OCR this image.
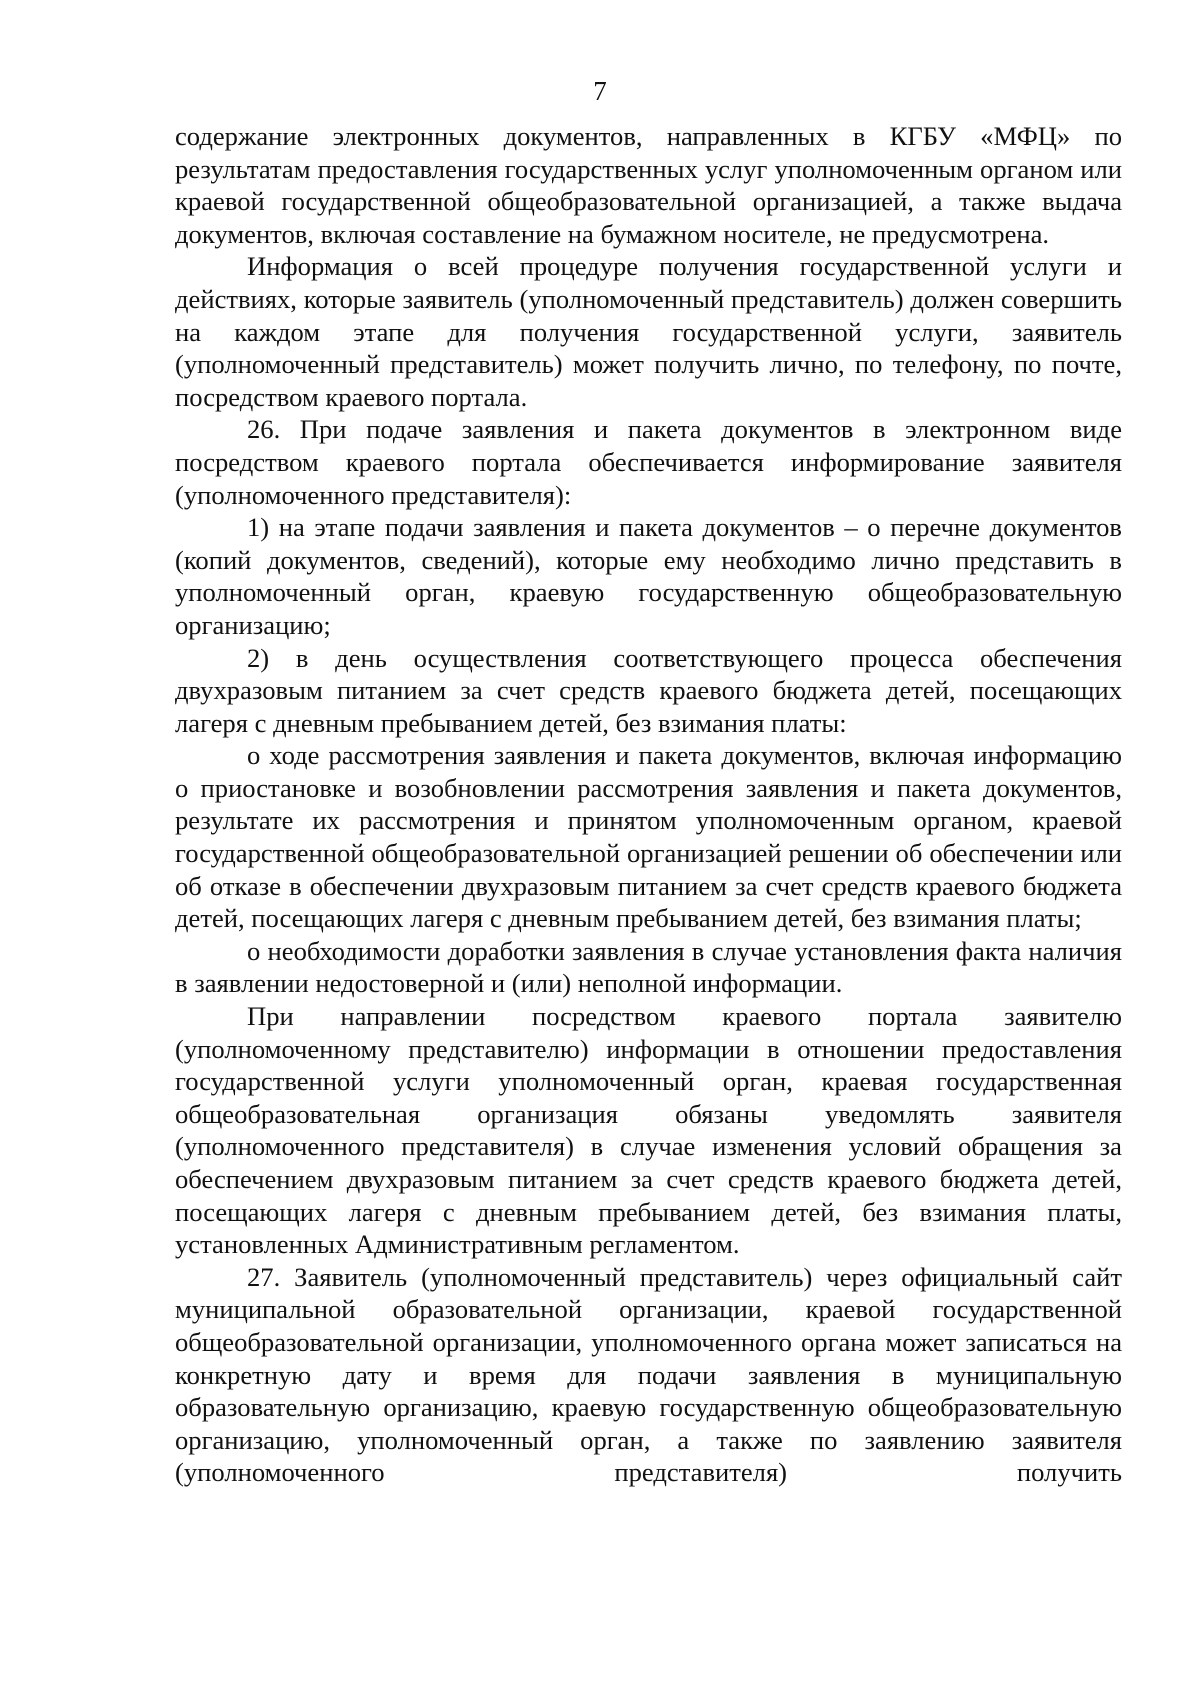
7

содержание электронных документов, направленных в КГБУ «МФЦ» по результатам предоставления государственных услуг уполномоченным органом или краевой государственной общеобразовательной организацией, а также выдача документов, включая составление на бумажном носителе, не предусмотрена.

Информация о всей процедуре получения государственной услуги и действиях, которые заявитель (уполномоченный представитель) должен совершить на каждом этапе для получения государственной услуги, заявитель (уполномоченный представитель) может получить лично, по телефону, по почте, посредством краевого портала.

26. При подаче заявления и пакета документов в электронном виде посредством краевого портала обеспечивается информирование заявителя (уполномоченного представителя):

1) на этапе подачи заявления и пакета документов – о перечне документов (копий документов, сведений), которые ему необходимо лично представить в уполномоченный орган, краевую государственную общеобразовательную организацию;

2) в день осуществления соответствующего процесса обеспечения двухразовым питанием за счет средств краевого бюджета детей, посещающих лагеря с дневным пребыванием детей, без взимания платы:

о ходе рассмотрения заявления и пакета документов, включая информацию о приостановке и возобновлении рассмотрения заявления и пакета документов, результате их рассмотрения и принятом уполномоченным органом, краевой государственной общеобразовательной организацией решении об обеспечении или об отказе в обеспечении двухразовым питанием за счет средств краевого бюджета детей, посещающих лагеря с дневным пребыванием детей, без взимания платы;

о необходимости доработки заявления в случае установления факта наличия в заявлении недостоверной и (или) неполной информации.

При направлении посредством краевого портала заявителю (уполномоченному представителю) информации в отношении предоставления государственной услуги уполномоченный орган, краевая государственная общеобразовательная организация обязаны уведомлять заявителя (уполномоченного представителя) в случае изменения условий обращения за обеспечением двухразовым питанием за счет средств краевого бюджета детей, посещающих лагеря с дневным пребыванием детей, без взимания платы, установленных Административным регламентом.

27. Заявитель (уполномоченный представитель) через официальный сайт муниципальной образовательной организации, краевой государственной общеобразовательной организации, уполномоченного органа может записаться на конкретную дату и время для подачи заявления в муниципальную образовательную организацию, краевую государственную общеобразовательную организацию, уполномоченный орган, а также по заявлению заявителя (уполномоченного представителя) получить
